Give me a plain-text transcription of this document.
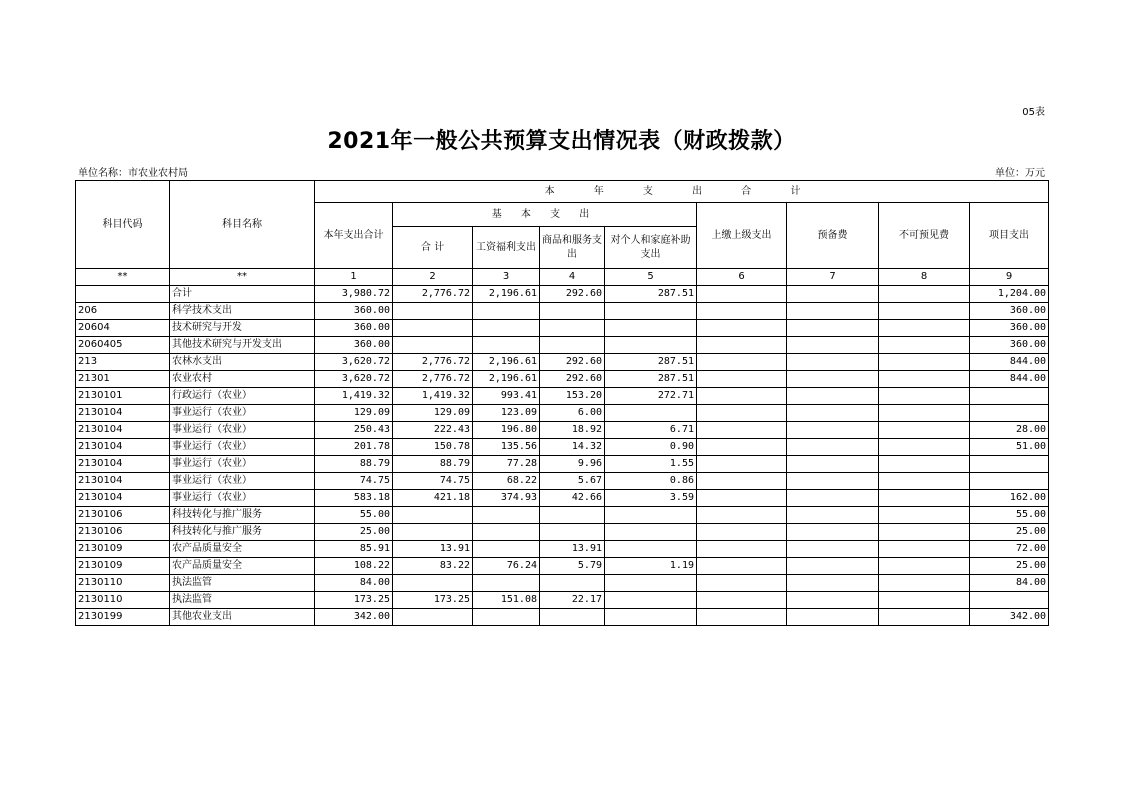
05表
2021年一般公共预算支出情况表（财政拨款）
单位名称：市农业农村局	单位：万元
科目代码	科目名称	本 年 支 出 合 计								
		本年支出合计	基 本 支 出				上缴上级支出	预备费	不可预见费	项目支出
			合 计	工资福利支出	商品和服务支出	对个人和家庭补助支出				
**	**	1	2	3	4	5	6	7	8	9
	合计	3,980.72	2,776.72	2,196.61	292.60	287.51				1,204.00
206	科学技术支出	360.00								360.00
20604	技术研究与开发	360.00								360.00
2060405	其他技术研究与开发支出	360.00								360.00
213	农林水支出	3,620.72	2,776.72	2,196.61	292.60	287.51				844.00
21301	农业农村	3,620.72	2,776.72	2,196.61	292.60	287.51				844.00
2130101	行政运行（农业）	1,419.32	1,419.32	993.41	153.20	272.71				
2130104	事业运行（农业）	129.09	129.09	123.09	6.00					
2130104	事业运行（农业）	250.43	222.43	196.80	18.92	6.71				28.00
2130104	事业运行（农业）	201.78	150.78	135.56	14.32	0.90				51.00
2130104	事业运行（农业）	88.79	88.79	77.28	9.96	1.55				
2130104	事业运行（农业）	74.75	74.75	68.22	5.67	0.86				
2130104	事业运行（农业）	583.18	421.18	374.93	42.66	3.59				162.00
2130106	科技转化与推广服务	55.00								55.00
2130106	科技转化与推广服务	25.00								25.00
2130109	农产品质量安全	85.91	13.91		13.91					72.00
2130109	农产品质量安全	108.22	83.22	76.24	5.79	1.19				25.00
2130110	执法监管	84.00								84.00
2130110	执法监管	173.25	173.25	151.08	22.17					
2130199	其他农业支出	342.00								342.00
